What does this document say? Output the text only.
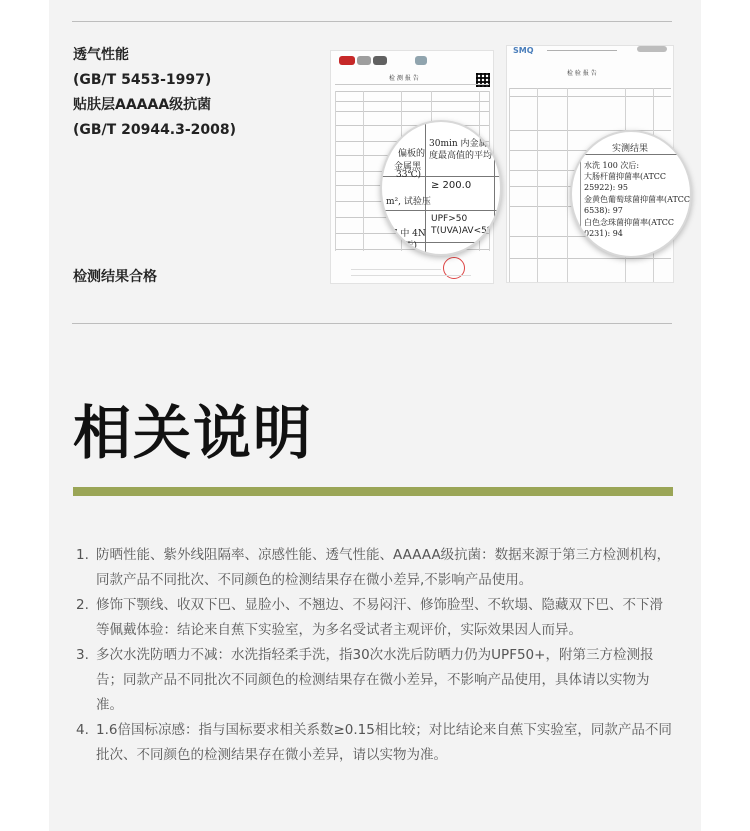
透气性能
(GB/T 5453-1997)
贴肤层AAAAA级抗菌
(GB/T 20944.3-2008)
检测结果合格
检 测 报 告
30min 内金属
偏板的 度最高值的平均
金属黑
33℃)
≥ 200.0
m², 试验压
UPF>50
T(UVA)AV<5%
17 中 4N
(烘干)
SMQ
检 验 报 告
实测结果
水洗 100 次后:
大肠杆菌抑菌率(ATCC
25922): 95
金黄色葡萄球菌抑菌率(ATCC
6538): 97
白色念珠菌抑菌率(ATCC
0231): 94
相关说明
1. 防晒性能、紫外线阻隔率、凉感性能、透气性能、AAAAA级抗菌：数据来源于第三方检测机构，同款产品不同批次、不同颜色的检测结果存在微小差异,不影响产品使用。
2. 修饰下颚线、收双下巴、显脸小、不翘边、不易闷汗、修饰脸型、不软塌、隐藏双下巴、不下滑等佩戴体验：结论来自蕉下实验室，为多名受试者主观评价，实际效果因人而异。
3. 多次水洗防晒力不减：水洗指轻柔手洗，指30次水洗后防晒力仍为UPF50+，附第三方检测报告；同款产品不同批次不同颜色的检测结果存在微小差异，不影响产品使用，具体请以实物为准。
4. 1.6倍国标凉感：指与国标要求相关系数≥0.15相比较；对比结论来自蕉下实验室，同款产品不同批次、不同颜色的检测结果存在微小差异，请以实物为准。
